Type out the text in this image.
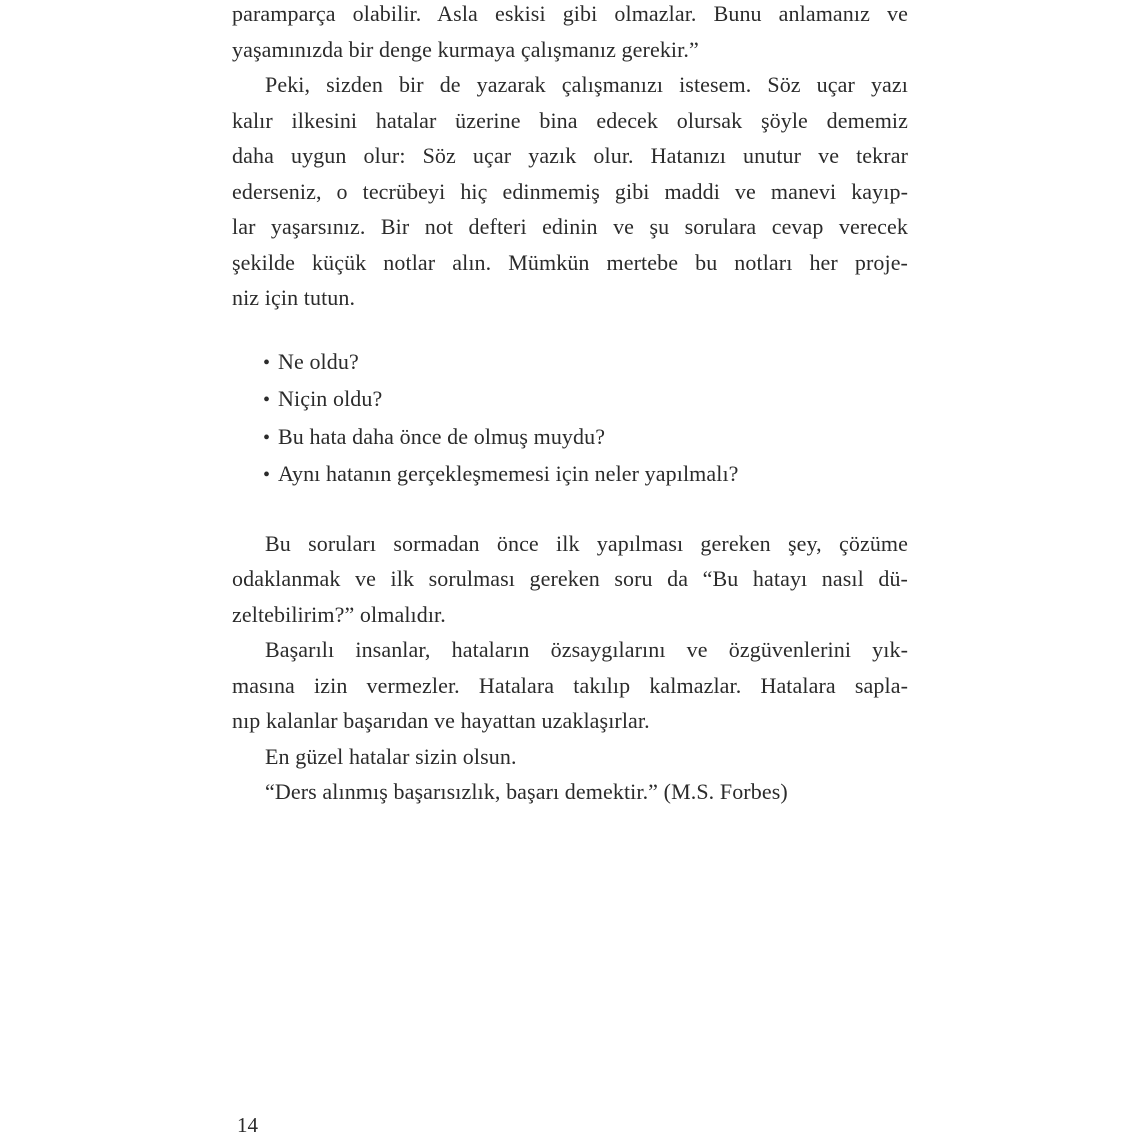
paramparça olabilir. Asla eskisi gibi olmazlar. Bunu anlamanız ve
yaşamınızda bir denge kurmaya çalışmanız gerekir.”
Peki, sizden bir de yazarak çalışmanızı istesem. Söz uçar yazı
kalır ilkesini hatalar üzerine bina edecek olursak şöyle dememiz
daha uygun olur: Söz uçar yazık olur. Hatanızı unutur ve tekrar
ederseniz, o tecrübeyi hiç edinmemiş gibi maddi ve manevi kayıp-
lar yaşarsınız. Bir not defteri edinin ve şu sorulara cevap verecek
şekilde küçük notlar alın. Mümkün mertebe bu notları her proje-
niz için tutun.
• Ne oldu?
• Niçin oldu?
• Bu hata daha önce de olmuş muydu?
• Aynı hatanın gerçekleşmemesi için neler yapılmalı?
Bu soruları sormadan önce ilk yapılması gereken şey, çözüme
odaklanmak ve ilk sorulması gereken soru da “Bu hatayı nasıl dü-
zeltebilirim?” olmalıdır.
Başarılı insanlar, hataların özsaygılarını ve özgüvenlerini yık-
masına izin vermezler. Hatalara takılıp kalmazlar. Hatalara sapla-
nıp kalanlar başarıdan ve hayattan uzaklaşırlar.
En güzel hatalar sizin olsun.
“Ders alınmış başarısızlık, başarı demektir.” (M.S. Forbes)
14
